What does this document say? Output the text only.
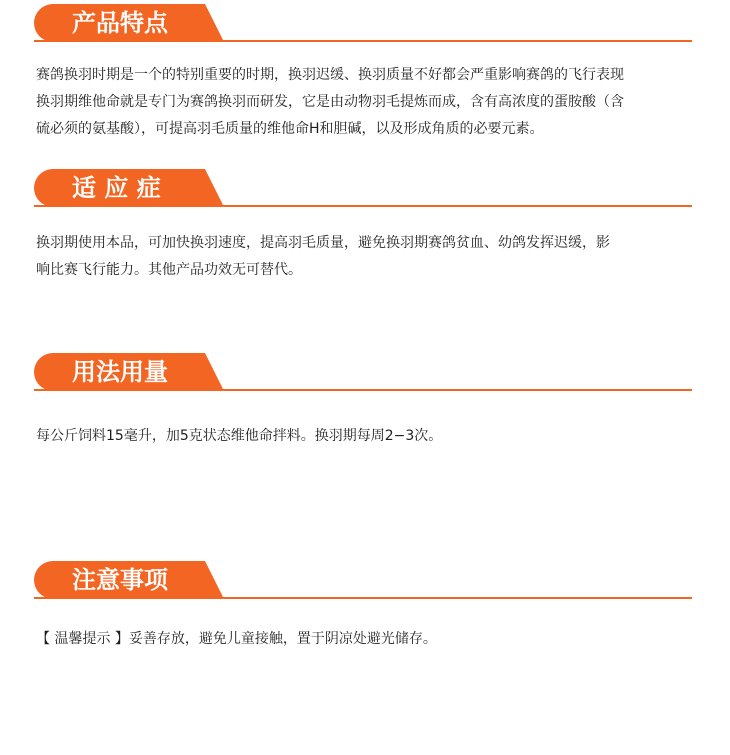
产品特点
赛鸽换羽时期是一个的特别重要的时期，换羽迟缓、换羽质量不好都会严重影响赛鸽的飞行表现
换羽期维他命就是专门为赛鸽换羽而研发，它是由动物羽毛提炼而成，含有高浓度的蛋胺酸（含
硫必须的氨基酸），可提高羽毛质量的维他命H和胆碱，以及形成角质的必要元素。
适 应 症
换羽期使用本品，可加快换羽速度，提高羽毛质量，避免换羽期赛鸽贫血、幼鸽发挥迟缓，影
响比赛飞行能力。其他产品功效无可替代。
用法用量
每公斤饲料15毫升，加5克状态维他命拌料。换羽期每周2−3次。
注意事项
【 温馨提示 】妥善存放，避免儿童接触，置于阴凉处避光储存。
